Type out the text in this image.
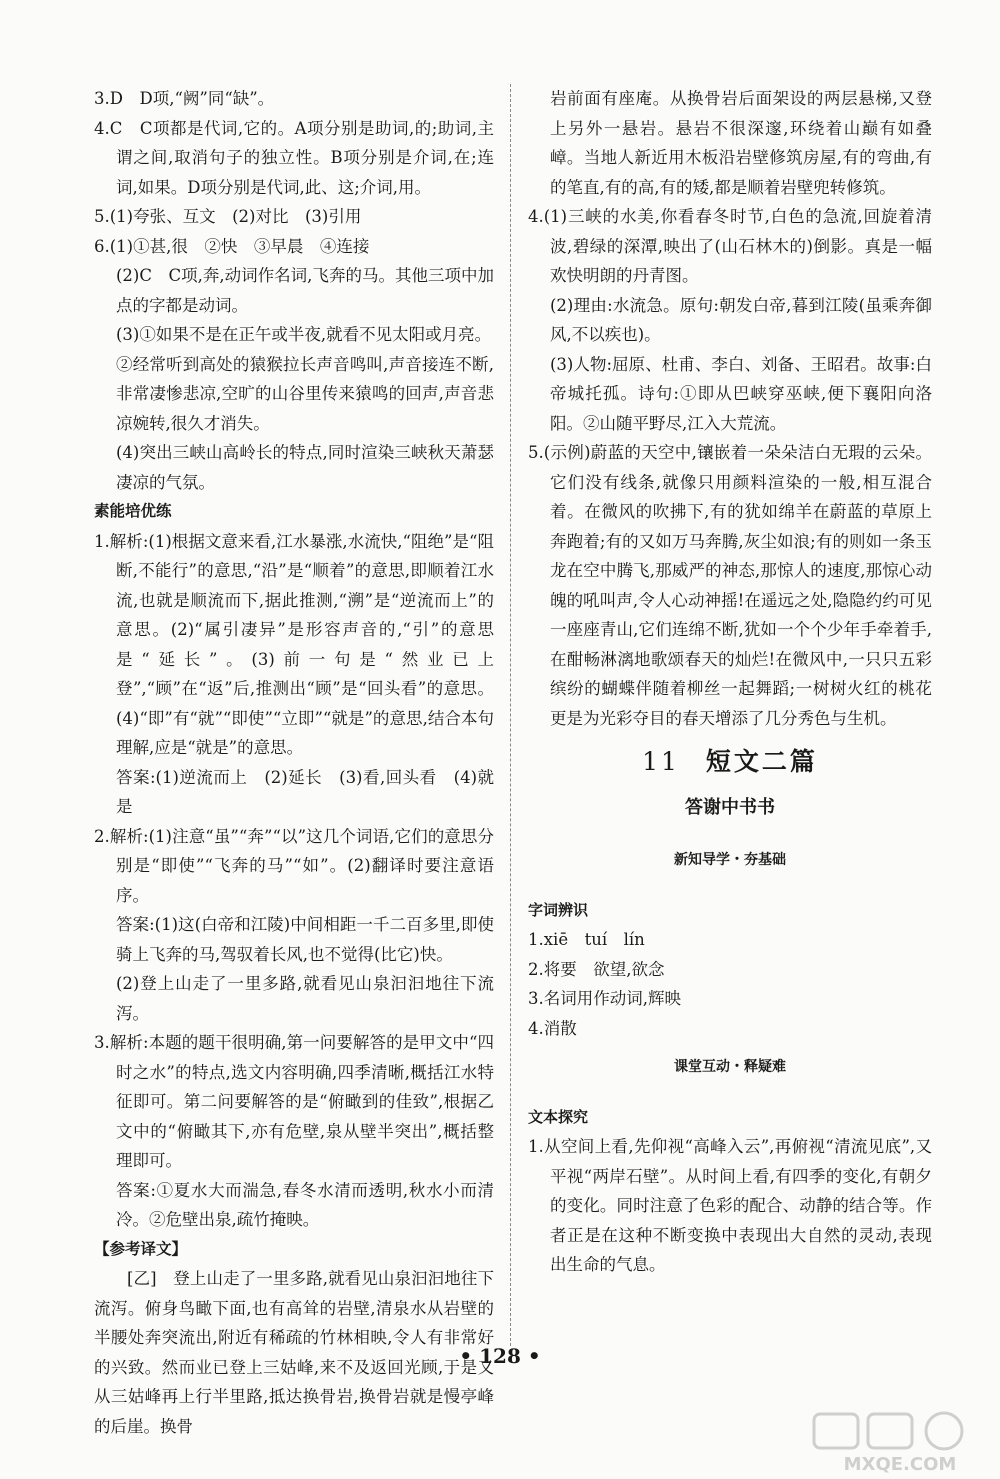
3.D　D项,“阙”同“缺”。

4.C　C项都是代词,它的。A项分别是助词,的;助词,主谓之间,取消句子的独立性。B项分别是介词,在;连词,如果。D项分别是代词,此、这;介词,用。

5.(1)夸张、互文　(2)对比　(3)引用

6.(1)①甚,很　②快　③早晨　④连接

(2)C　C项,奔,动词作名词,飞奔的马。其他三项中加点的字都是动词。

(3)①如果不是在正午或半夜,就看不见太阳或月亮。

②经常听到高处的猿猴拉长声音鸣叫,声音接连不断,非常凄惨悲凉,空旷的山谷里传来猿鸣的回声,声音悲凉婉转,很久才消失。

(4)突出三峡山高岭长的特点,同时渲染三峡秋天萧瑟凄凉的气氛。

素能培优练

1.解析:(1)根据文意来看,江水暴涨,水流快,“阻绝”是“阻断,不能行”的意思,“沿”是“顺着”的意思,即顺着江水流,也就是顺流而下,据此推测,“溯”是“逆流而上”的意思。(2)“属引凄异”是形容声音的,“引”的意思是“延长”。(3)前一句是“然业已上登”,“顾”在“返”后,推测出“顾”是“回头看”的意思。(4)“即”有“就”“即使”“立即”“就是”的意思,结合本句理解,应是“就是”的意思。

答案:(1)逆流而上　(2)延长　(3)看,回头看　(4)就是

2.解析:(1)注意“虽”“奔”“以”这几个词语,它们的意思分别是“即使”“飞奔的马”“如”。(2)翻译时要注意语序。

答案:(1)这(白帝和江陵)中间相距一千二百多里,即使骑上飞奔的马,驾驭着长风,也不觉得(比它)快。

(2)登上山走了一里多路,就看见山泉汩汩地往下流泻。

3.解析:本题的题干很明确,第一问要解答的是甲文中“四时之水”的特点,选文内容明确,四季清晰,概括江水特征即可。第二问要解答的是“俯瞰到的佳致”,根据乙文中的“俯瞰其下,亦有危壁,泉从壁半突出”,概括整理即可。

答案:①夏水大而湍急,春冬水清而透明,秋水小而清冷。②危壁出泉,疏竹掩映。

【参考译文】

[乙]　登上山走了一里多路,就看见山泉汩汩地往下流泻。俯身鸟瞰下面,也有高耸的岩壁,清泉水从岩壁的半腰处奔突流出,附近有稀疏的竹林相映,令人有非常好的兴致。然而业已登上三姑峰,来不及返回光顾,于是又从三姑峰再上行半里路,抵达换骨岩,换骨岩就是慢亭峰的后崖。换骨

岩前面有座庵。从换骨岩后面架设的两层悬梯,又登上另外一悬岩。悬岩不很深邃,环绕着山巅有如叠嶂。当地人新近用木板沿岩壁修筑房屋,有的弯曲,有的笔直,有的高,有的矮,都是顺着岩壁兜转修筑。

4.(1)三峡的水美,你看春冬时节,白色的急流,回旋着清波,碧绿的深潭,映出了(山石林木的)倒影。真是一幅欢快明朗的丹青图。

(2)理由:水流急。原句:朝发白帝,暮到江陵(虽乘奔御风,不以疾也)。

(3)人物:屈原、杜甫、李白、刘备、王昭君。故事:白帝城托孤。诗句:①即从巴峡穿巫峡,便下襄阳向洛阳。②山随平野尽,江入大荒流。

5.(示例)蔚蓝的天空中,镶嵌着一朵朵洁白无瑕的云朵。它们没有线条,就像只用颜料渲染的一般,相互混合着。在微风的吹拂下,有的犹如绵羊在蔚蓝的草原上奔跑着;有的又如万马奔腾,灰尘如浪;有的则如一条玉龙在空中腾飞,那威严的神态,那惊人的速度,那惊心动魄的吼叫声,令人心动神摇!在遥远之处,隐隐约约可见一座座青山,它们连绵不断,犹如一个个少年手牵着手,在酣畅淋漓地歌颂春天的灿烂!在微风中,一只只五彩缤纷的蝴蝶伴随着柳丝一起舞蹈;一树树火红的桃花更是为光彩夺目的春天增添了几分秀色与生机。

11 短文二篇
答谢中书书
新知导学・夯基础

字词辨识

1.xiē　tuí　lín

2.将要　欲望,欲念

3.名词用作动词,辉映

4.消散

课堂互动・释疑难

文本探究

1.从空间上看,先仰视“高峰入云”,再俯视“清流见底”,又平视“两岸石壁”。从时间上看,有四季的变化,有朝夕的变化。同时注意了色彩的配合、动静的结合等。作者正是在这种不断变换中表现出大自然的灵动,表现出生命的气息。

• 128 •
MXQE.COM
